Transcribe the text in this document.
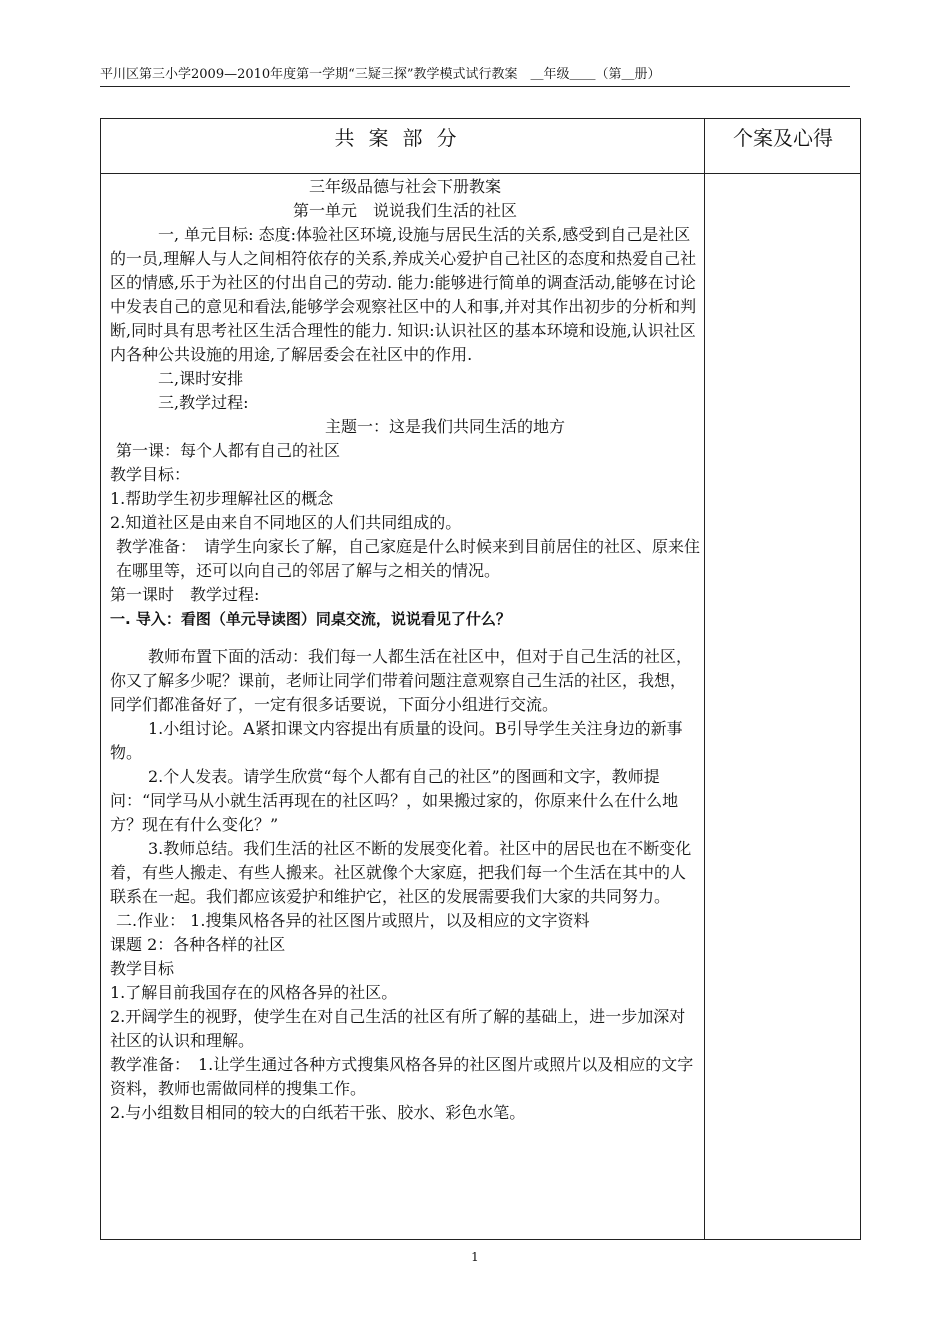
平川区第三小学2009—2010年度第一学期“三疑三探”教学模式试行教案　＿年级＿＿（第＿册）
共案部分	个案及心得

三年级品德与社会下册教案

第一单元　说说我们生活的社区

一, 单元目标: 态度:体验社区环境,设施与居民生活的关系,感受到自己是社区的一员,理解人与人之间相符依存的关系,养成关心爱护自己社区的态度和热爱自己社区的情感,乐于为社区的付出自己的劳动. 能力:能够进行简单的调查活动,能够在讨论中发表自己的意见和看法,能够学会观察社区中的人和事,并对其作出初步的分析和判断,同时具有思考社区生活合理性的能力. 知识:认识社区的基本环境和设施,认识社区内各种公共设施的用途,了解居委会在社区中的作用.

二,课时安排

三,教学过程:

主题一：这是我们共同生活的地方

第一课：每个人都有自己的社区

教学目标：

1.帮助学生初步理解社区的概念

2.知道社区是由来自不同地区的人们共同组成的。

教学准备：　请学生向家长了解，自己家庭是什么时候来到目前居住的社区、原来住在哪里等，还可以向自己的邻居了解与之相关的情况。

第一课时　教学过程:

一. 导入：看图（单元导读图）同桌交流，说说看见了什么？

教师布置下面的活动：我们每一人都生活在社区中，但对于自己生活的社区，你又了解多少呢？课前，老师让同学们带着问题注意观察自己生活的社区，我想，同学们都准备好了，一定有很多话要说，下面分小组进行交流。

1.小组讨论。A紧扣课文内容提出有质量的设问。B引导学生关注身边的新事物。

2.个人发表。请学生欣赏“每个人都有自己的社区”的图画和文字，教师提问：“同学马从小就生活再现在的社区吗？，如果搬过家的，你原来什么在什么地方？现在有什么变化？”

3.教师总结。我们生活的社区不断的发展变化着。社区中的居民也在不断变化着，有些人搬走、有些人搬来。社区就像个大家庭，把我们每一个生活在其中的人联系在一起。我们都应该爱护和维护它，社区的发展需要我们大家的共同努力。

二.作业： 1.搜集风格各异的社区图片或照片，以及相应的文字资料

课题 2：各种各样的社区

教学目标

1.了解目前我国存在的风格各异的社区。

2.开阔学生的视野，使学生在对自己生活的社区有所了解的基础上，进一步加深对社区的认识和理解。

教学准备：　1.让学生通过各种方式搜集风格各异的社区图片或照片以及相应的文字资料，教师也需做同样的搜集工作。

2.与小组数目相同的较大的白纸若干张、胶水、彩色水笔。

1
